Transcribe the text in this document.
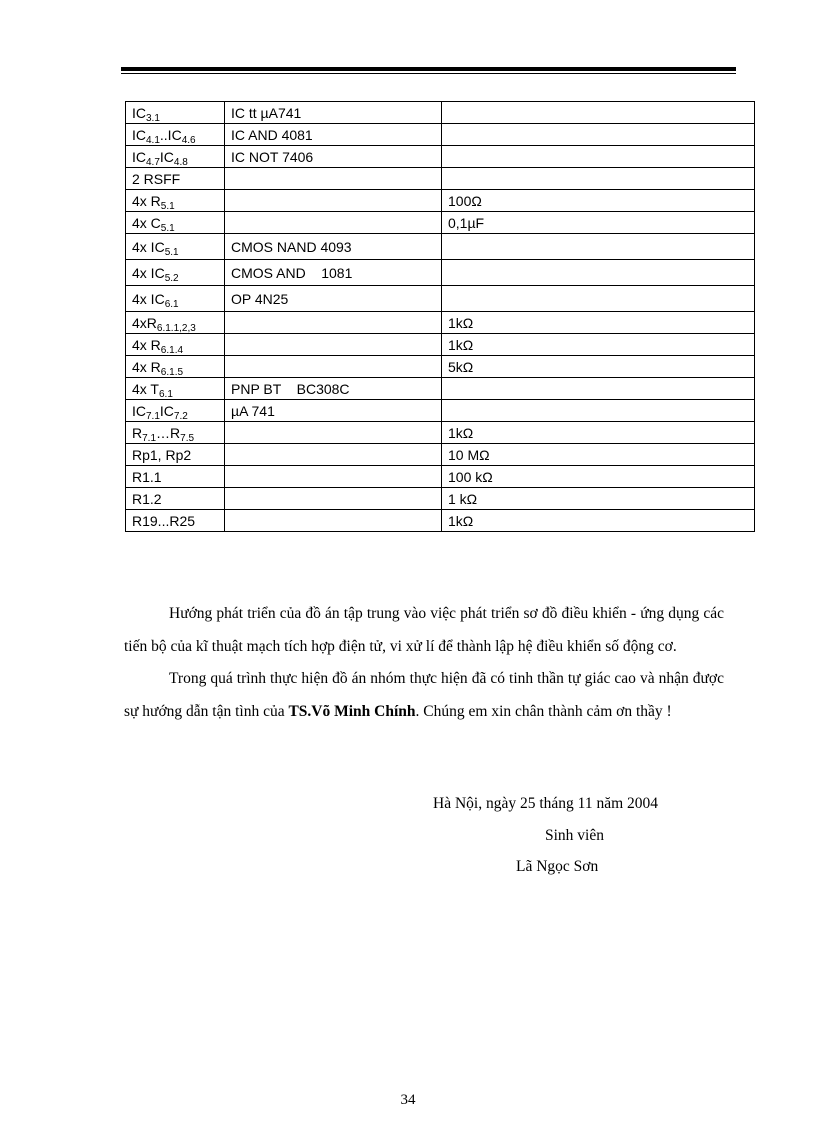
$IC_{3.1}$	IC tt µA741	
$IC_{4.1}..IC_{4.6}$	IC AND 4081	
$IC_{4.7}IC_{4.8}$	IC NOT 7406	
2 RSFF		
4x $R_{5.1}$		100Ω
4x $C_{5.1}$		0,1µF
4x $IC_{5.1}$	CMOS NAND 4093	
4x $IC_{5.2}$	CMOS AND    1081	
4x $IC_{6.1}$	OP 4N25	
$4xR_{6.1.1,2,3}$		1kΩ
4x $R_{6.1.4}$		1kΩ
4x $R_{6.1.5}$		5kΩ
4x $T_{6.1}$	PNP BT    BC308C	
$IC_{7.1}IC_{7.2}$	µA 741	
$R_{7.1}\dots R_{7.5}$		1kΩ
Rp1, Rp2		10 MΩ
R1.1		100 kΩ
R1.2		1 kΩ
R19...R25		1kΩ

Hướng phát triển của đồ án tập trung vào việc phát triển sơ đồ điều khiển - ứng dụng các tiến bộ của kĩ thuật mạch tích hợp điện tử, vi xử lí để thành lập hệ điều khiển số động cơ.

Trong quá trình thực hiện đồ án nhóm thực hiện đã có tinh thần tự giác cao và nhận được sự hướng dẫn tận tình của TS.Võ Minh Chính. Chúng em xin chân thành cảm ơn thầy !

Hà Nội, ngày 25 tháng 11 năm 2004
Sinh viên
Lã Ngọc Sơn
34
